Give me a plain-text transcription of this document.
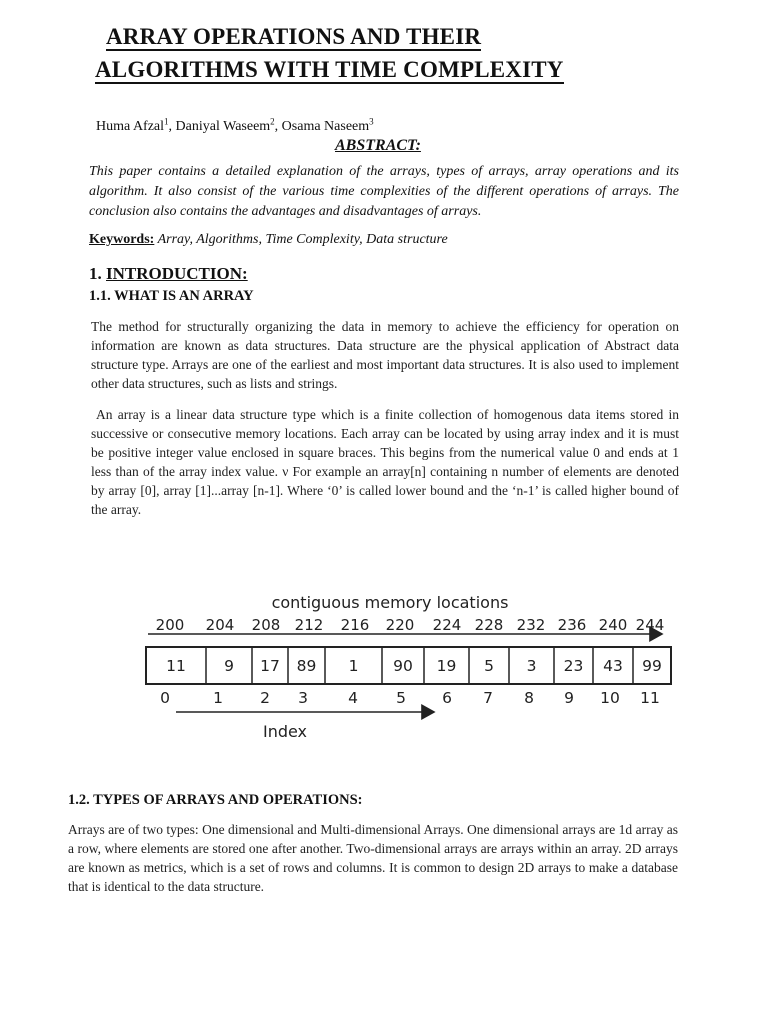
ARRAY OPERATIONS AND THEIR
ALGORITHMS WITH TIME COMPLEXITY
Huma Afzal$^1$, Daniyal Waseem$^2$, Osama Naseem$^3$
ABSTRACT:
This paper contains a detailed explanation of the arrays, types of arrays, array operations and its algorithm. It also consist of the various time complexities of the different operations of arrays. The conclusion also contains the advantages and disadvantages of arrays.
Keywords: Array, Algorithms, Time Complexity, Data structure
1. INTRODUCTION:
1.1. WHAT IS AN ARRAY

The method for structurally organizing the data in memory to achieve the efficiency for operation on information are known as data structures. Data structure are the physical application of Abstract data structure type. Arrays are one of the earliest and most important data structures. It is also used to implement other data structures, such as lists and strings.

An array is a linear data structure type which is a finite collection of homogenous data items stored in successive or consecutive memory locations. Each array can be located by using array index and it is must be positive integer value enclosed in square braces. This begins from the numerical value 0 and ends at 1 less than of the array index value. ν For example an array[n] containing n number of elements are denoted by array [0], array [1]...array [n-1]. Where ‘0’ is called lower bound and the ‘n-1’ is called higher bound of the array.

contiguous memory locations
200 204 208 212 216 220 224 228 232 236 240 244
11 9 17 89 1 90 19 5 3 23 43 99
0	1 2 3	4 5 6 7 8 9 10 11
Index
1.2. TYPES OF ARRAYS AND OPERATIONS:
Arrays are of two types: One dimensional and Multi-dimensional Arrays. One dimensional arrays are 1d array as a row, where elements are stored one after another. Two-dimensional arrays are arrays within an array. 2D arrays are known as metrics, which is a set of rows and columns. It is common to design 2D arrays to make a database that is identical to the data structure.
